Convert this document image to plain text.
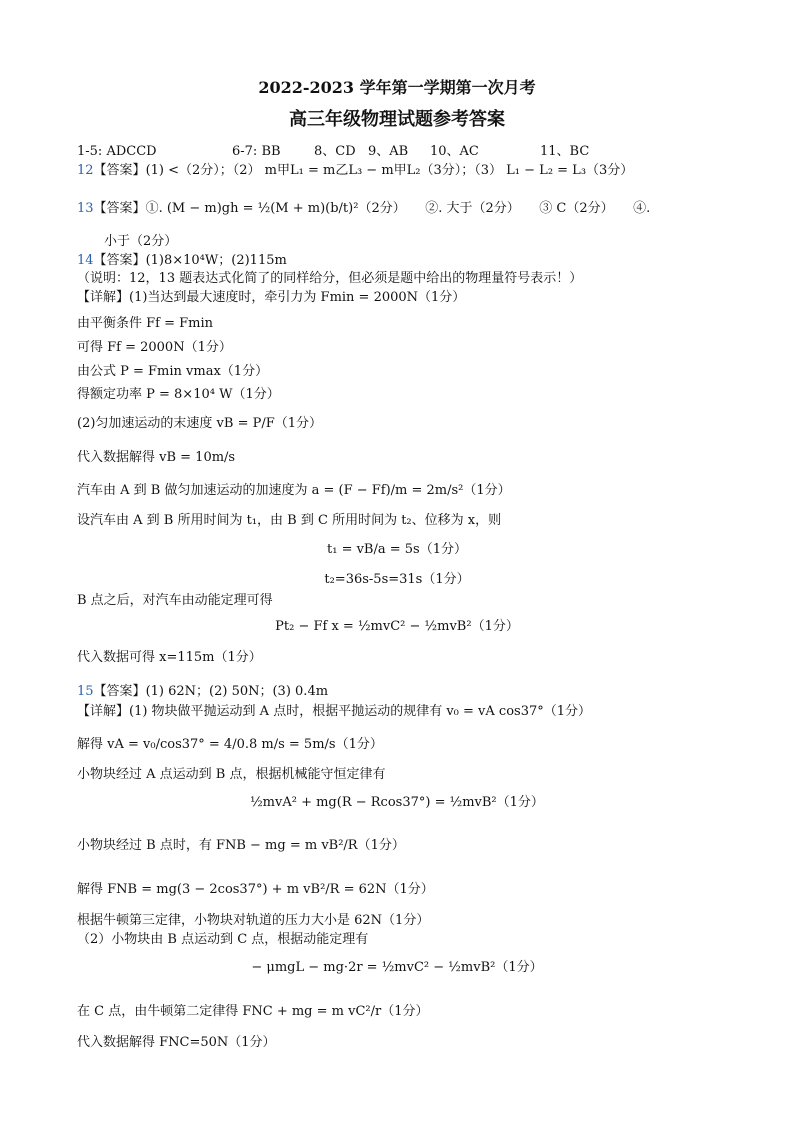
2022-2023 学年第一学期第一次月考
高三年级物理试题参考答案
1-5: ADCCD	6-7: BB	8、CD 9、AB 10、AC	11、BC
12【答案】(1) <（2分）；（2） m甲L₁ = m乙L₃ − m甲L₂（3分）；（3） L₁ − L₂ = L₃（3分）
13【答案】①. (M − m)gh = ½(M + m)(b/t)²（2分）　　②. 大于（2分）　　③ C（2分）　　④.
小于（2分）
14【答案】(1)8×10⁴W；(2)115m
（说明：12，13 题表达式化简了的同样给分，但必须是题中给出的物理量符号表示！）
【详解】(1)当达到最大速度时，牵引力为 Fmin = 2000N（1分）
由平衡条件 Ff = Fmin
可得 Ff = 2000N（1分）
由公式 P = Fmin vmax（1分）
得额定功率 P = 8×10⁴ W（1分）
(2)匀加速运动的末速度 vB = P/F（1分）
代入数据解得 vB = 10m/s
汽车由 A 到 B 做匀加速运动的加速度为 a = (F − Ff)/m = 2m/s²（1分）
设汽车由 A 到 B 所用时间为 t₁，由 B 到 C 所用时间为 t₂、位移为 x，则
t₁ = vB/a = 5s（1分）
t₂=36s-5s=31s（1分）
B 点之后，对汽车由动能定理可得
Pt₂ − Ff x = ½mvC² − ½mvB²（1分）
代入数据可得 x=115m（1分）
15【答案】(1) 62N；(2) 50N；(3) 0.4m
【详解】(1) 物块做平抛运动到 A 点时，根据平抛运动的规律有 v₀ = vA cos37°（1分）
解得 vA = v₀/cos37° = 4/0.8 m/s = 5m/s（1分）
小物块经过 A 点运动到 B 点，根据机械能守恒定律有
½mvA² + mg(R − Rcos37°) = ½mvB²（1分）
小物块经过 B 点时，有 FNB − mg = m vB²/R（1分）
解得 FNB = mg(3 − 2cos37°) + m vB²/R = 62N（1分）
根据牛顿第三定律，小物块对轨道的压力大小是 62N（1分）
（2）小物块由 B 点运动到 C 点，根据动能定理有
− μmgL − mg·2r = ½mvC² − ½mvB²（1分）
在 C 点，由牛顿第二定律得 FNC + mg = m vC²/r（1分）
代入数据解得 FNC=50N（1分）
